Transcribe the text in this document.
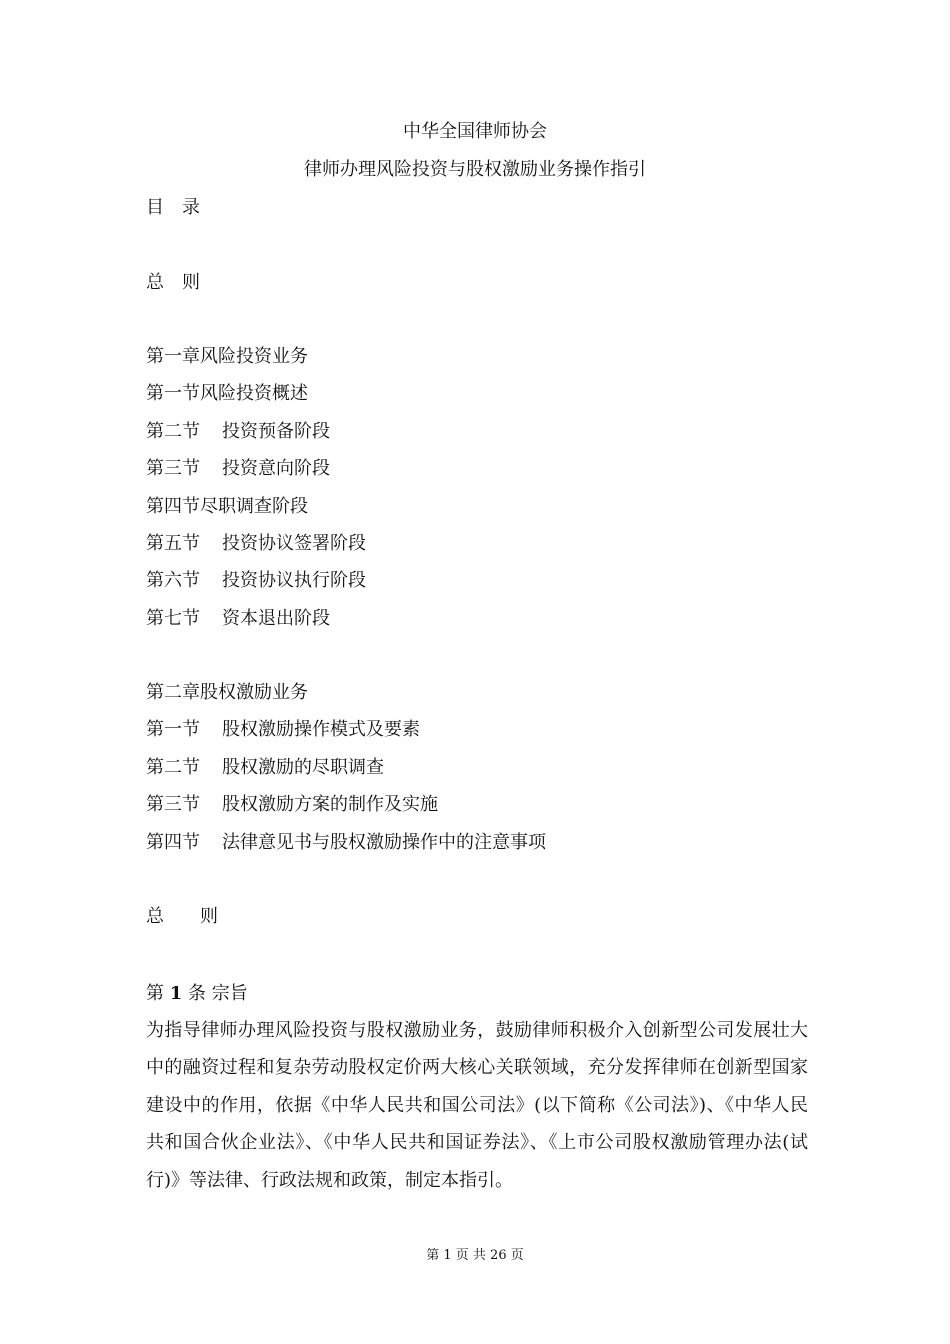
中华全国律师协会
律师办理风险投资与股权激励业务操作指引
目　录
总　则
第一章风险投资业务
第一节风险投资概述
第二节 投资预备阶段
第三节 投资意向阶段
第四节尽职调查阶段
第五节 投资协议签署阶段
第六节 投资协议执行阶段
第七节 资本退出阶段
第二章股权激励业务
第一节 股权激励操作模式及要素
第二节 股权激励的尽职调查
第三节 股权激励方案的制作及实施
第四节 法律意见书与股权激励操作中的注意事项
总　　则
第 1 条 宗旨
为指导律师办理风险投资与股权激励业务，鼓励律师积极介入创新型公司发展壮大中的融资过程和复杂劳动股权定价两大核心关联领域，充分发挥律师在创新型国家建设中的作用，依据《中华人民共和国公司法》(以下简称《公司法》)、《中华人民共和国合伙企业法》、《中华人民共和国证券法》、《上市公司股权激励管理办法(试行)》等法律、行政法规和政策，制定本指引。
第 1 页 共 26 页
